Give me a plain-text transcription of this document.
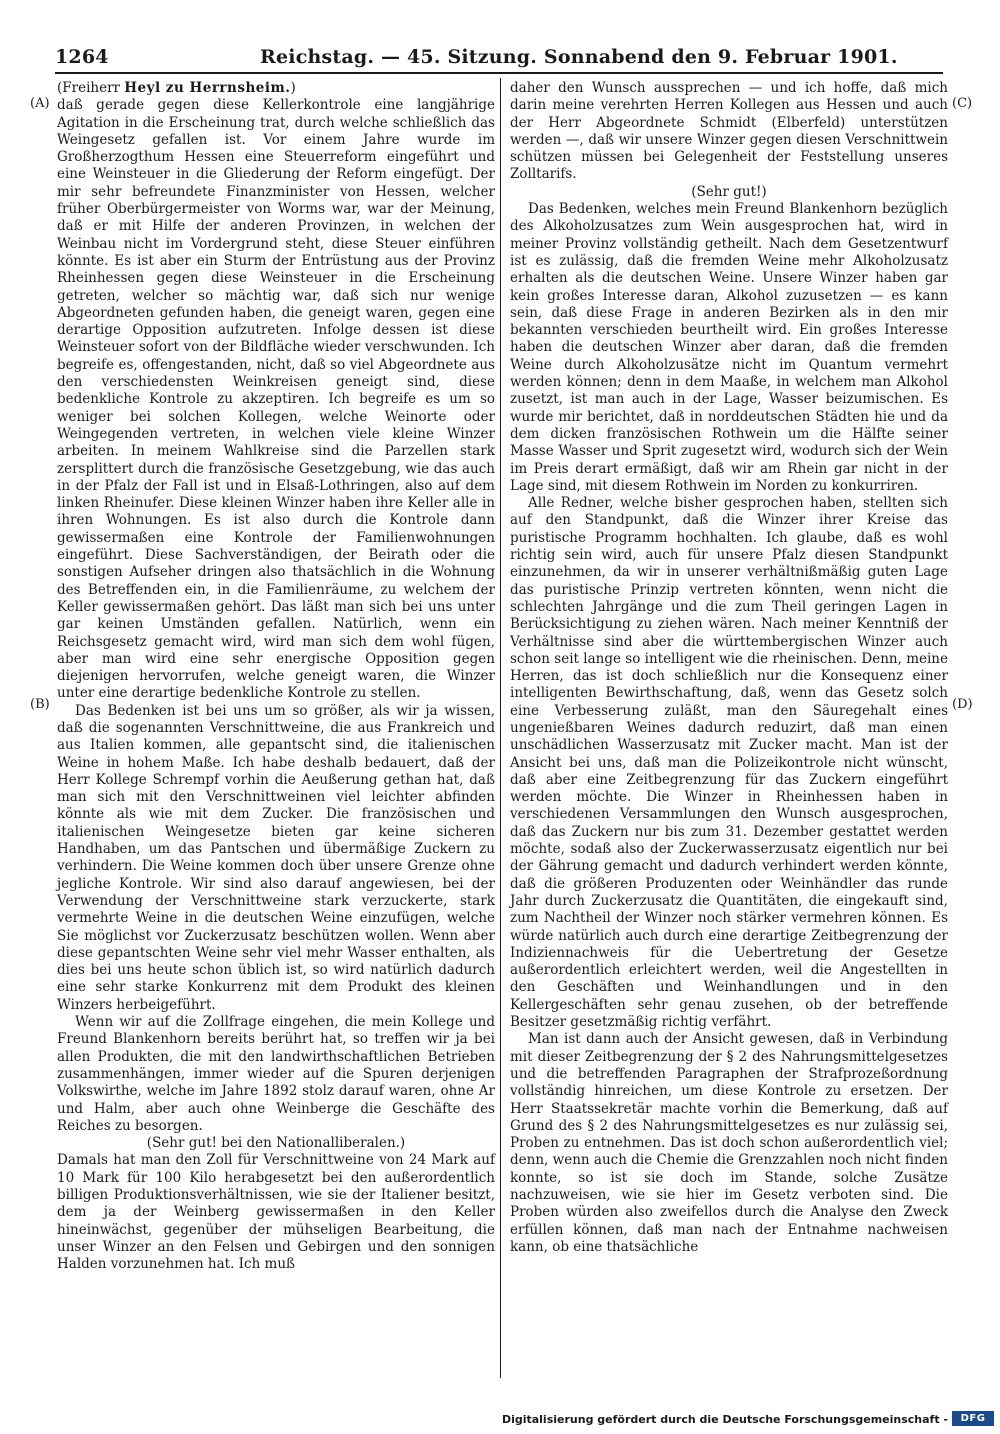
1264	Reichstag. — 45. Sitzung. Sonnabend den 9. Februar 1901.
(A)
(B)
(C)
(D)

(Freiherr Heyl zu Herrnsheim.)

daß gerade gegen diese Kellerkontrole eine langjährige Agitation in die Erscheinung trat, durch welche schließlich das Weingesetz gefallen ist. Vor einem Jahre wurde im Großherzogthum Hessen eine Steuerreform eingeführt und eine Weinsteuer in die Gliederung der Reform eingefügt. Der mir sehr befreundete Finanzminister von Hessen, welcher früher Oberbürgermeister von Worms war, war der Meinung, daß er mit Hilfe der anderen Provinzen, in welchen der Weinbau nicht im Vordergrund steht, diese Steuer einführen könnte. Es ist aber ein Sturm der Entrüstung aus der Provinz Rheinhessen gegen diese Weinsteuer in die Erscheinung getreten, welcher so mächtig war, daß sich nur wenige Abgeordneten gefunden haben, die geneigt waren, gegen eine derartige Opposition aufzutreten. Infolge dessen ist diese Weinsteuer sofort von der Bildfläche wieder verschwunden. Ich begreife es, offengestanden, nicht, daß so viel Abgeordnete aus den verschiedensten Weinkreisen geneigt sind, diese bedenkliche Kontrole zu akzeptiren. Ich begreife es um so weniger bei solchen Kollegen, welche Weinorte oder Weingegenden vertreten, in welchen viele kleine Winzer arbeiten. In meinem Wahlkreise sind die Parzellen stark zersplittert durch die französische Gesetzgebung, wie das auch in der Pfalz der Fall ist und in Elsaß-Lothringen, also auf dem linken Rheinufer. Diese kleinen Winzer haben ihre Keller alle in ihren Wohnungen. Es ist also durch die Kontrole dann gewissermaßen eine Kontrole der Familienwohnungen eingeführt. Diese Sachverständigen, der Beirath oder die sonstigen Aufseher dringen also thatsächlich in die Wohnung des Betreffenden ein, in die Familienräume, zu welchem der Keller gewissermaßen gehört. Das läßt man sich bei uns unter gar keinen Umständen gefallen. Natürlich, wenn ein Reichsgesetz gemacht wird, wird man sich dem wohl fügen, aber man wird eine sehr energische Opposition gegen diejenigen hervorrufen, welche geneigt waren, die Winzer unter eine derartige bedenkliche Kontrole zu stellen.

Das Bedenken ist bei uns um so größer, als wir ja wissen, daß die sogenannten Verschnittweine, die aus Frankreich und aus Italien kommen, alle gepantscht sind, die italienischen Weine in hohem Maße. Ich habe deshalb bedauert, daß der Herr Kollege Schrempf vorhin die Aeußerung gethan hat, daß man sich mit den Verschnittweinen viel leichter abfinden könnte als wie mit dem Zucker. Die französischen und italienischen Weingesetze bieten gar keine sicheren Handhaben, um das Pantschen und übermäßige Zuckern zu verhindern. Die Weine kommen doch über unsere Grenze ohne jegliche Kontrole. Wir sind also darauf angewiesen, bei der Verwendung der Verschnittweine stark verzuckerte, stark vermehrte Weine in die deutschen Weine einzufügen, welche Sie möglichst vor Zuckerzusatz beschützen wollen. Wenn aber diese gepantschten Weine sehr viel mehr Wasser enthalten, als dies bei uns heute schon üblich ist, so wird natürlich dadurch eine sehr starke Konkurrenz mit dem Produkt des kleinen Winzers herbeigeführt.

Wenn wir auf die Zollfrage eingehen, die mein Kollege und Freund Blankenhorn bereits berührt hat, so treffen wir ja bei allen Produkten, die mit den landwirthschaftlichen Betrieben zusammenhängen, immer wieder auf die Spuren derjenigen Volkswirthe, welche im Jahre 1892 stolz darauf waren, ohne Ar und Halm, aber auch ohne Weinberge die Geschäfte des Reiches zu besorgen.

(Sehr gut! bei den Nationalliberalen.)

Damals hat man den Zoll für Verschnittweine von 24 Mark auf 10 Mark für 100 Kilo herabgesetzt bei den außerordentlich billigen Produktionsverhältnissen, wie sie der Italiener besitzt, dem ja der Weinberg gewissermaßen in den Keller hineinwächst, gegenüber der mühseligen Bearbeitung, die unser Winzer an den Felsen und Gebirgen und den sonnigen Halden vorzunehmen hat. Ich muß

daher den Wunsch aussprechen — und ich hoffe, daß mich darin meine verehrten Herren Kollegen aus Hessen und auch der Herr Abgeordnete Schmidt (Elberfeld) unterstützen werden —, daß wir unsere Winzer gegen diesen Verschnittwein schützen müssen bei Gelegenheit der Feststellung unseres Zolltarifs.

(Sehr gut!)

Das Bedenken, welches mein Freund Blankenhorn bezüglich des Alkoholzusatzes zum Wein ausgesprochen hat, wird in meiner Provinz vollständig getheilt. Nach dem Gesetzentwurf ist es zulässig, daß die fremden Weine mehr Alkoholzusatz erhalten als die deutschen Weine. Unsere Winzer haben gar kein großes Interesse daran, Alkohol zuzusetzen — es kann sein, daß diese Frage in anderen Bezirken als in den mir bekannten verschieden beurtheilt wird. Ein großes Interesse haben die deutschen Winzer aber daran, daß die fremden Weine durch Alkoholzusätze nicht im Quantum vermehrt werden können; denn in dem Maaße, in welchem man Alkohol zusetzt, ist man auch in der Lage, Wasser beizumischen. Es wurde mir berichtet, daß in norddeutschen Städten hie und da dem dicken französischen Rothwein um die Hälfte seiner Masse Wasser und Sprit zugesetzt wird, wodurch sich der Wein im Preis derart ermäßigt, daß wir am Rhein gar nicht in der Lage sind, mit diesem Rothwein im Norden zu konkurriren.

Alle Redner, welche bisher gesprochen haben, stellten sich auf den Standpunkt, daß die Winzer ihrer Kreise das puristische Programm hochhalten. Ich glaube, daß es wohl richtig sein wird, auch für unsere Pfalz diesen Standpunkt einzunehmen, da wir in unserer verhältnißmäßig guten Lage das puristische Prinzip vertreten könnten, wenn nicht die schlechten Jahrgänge und die zum Theil geringen Lagen in Berücksichtigung zu ziehen wären. Nach meiner Kenntniß der Verhältnisse sind aber die württembergischen Winzer auch schon seit lange so intelligent wie die rheinischen. Denn, meine Herren, das ist doch schließlich nur die Konsequenz einer intelligenten Bewirthschaftung, daß, wenn das Gesetz solch eine Verbesserung zuläßt, man den Säuregehalt eines ungenießbaren Weines dadurch reduzirt, daß man einen unschädlichen Wasserzusatz mit Zucker macht. Man ist der Ansicht bei uns, daß man die Polizeikontrole nicht wünscht, daß aber eine Zeitbegrenzung für das Zuckern eingeführt werden möchte. Die Winzer in Rheinhessen haben in verschiedenen Versammlungen den Wunsch ausgesprochen, daß das Zuckern nur bis zum 31. Dezember gestattet werden möchte, sodaß also der Zuckerwasserzusatz eigentlich nur bei der Gährung gemacht und dadurch verhindert werden könnte, daß die größeren Produzenten oder Weinhändler das runde Jahr durch Zuckerzusatz die Quantitäten, die eingekauft sind, zum Nachtheil der Winzer noch stärker vermehren können. Es würde natürlich auch durch eine derartige Zeitbegrenzung der Indiziennachweis für die Uebertretung der Gesetze außerordentlich erleichtert werden, weil die Angestellten in den Geschäften und Weinhandlungen und in den Kellergeschäften sehr genau zusehen, ob der betreffende Besitzer gesetzmäßig richtig verfährt.

Man ist dann auch der Ansicht gewesen, daß in Verbindung mit dieser Zeitbegrenzung der § 2 des Nahrungsmittelgesetzes und die betreffenden Paragraphen der Strafprozeßordnung vollständig hinreichen, um diese Kontrole zu ersetzen. Der Herr Staatssekretär machte vorhin die Bemerkung, daß auf Grund des § 2 des Nahrungsmittelgesetzes es nur zulässig sei, Proben zu entnehmen. Das ist doch schon außerordentlich viel; denn, wenn auch die Chemie die Grenzzahlen noch nicht finden konnte, so ist sie doch im Stande, solche Zusätze nachzuweisen, wie sie hier im Gesetz verboten sind. Die Proben würden also zweifellos durch die Analyse den Zweck erfüllen können, daß man nach der Entnahme nachweisen kann, ob eine thatsächliche

Digitalisierung gefördert durch die Deutsche Forschungsgemeinschaft -	DFG
